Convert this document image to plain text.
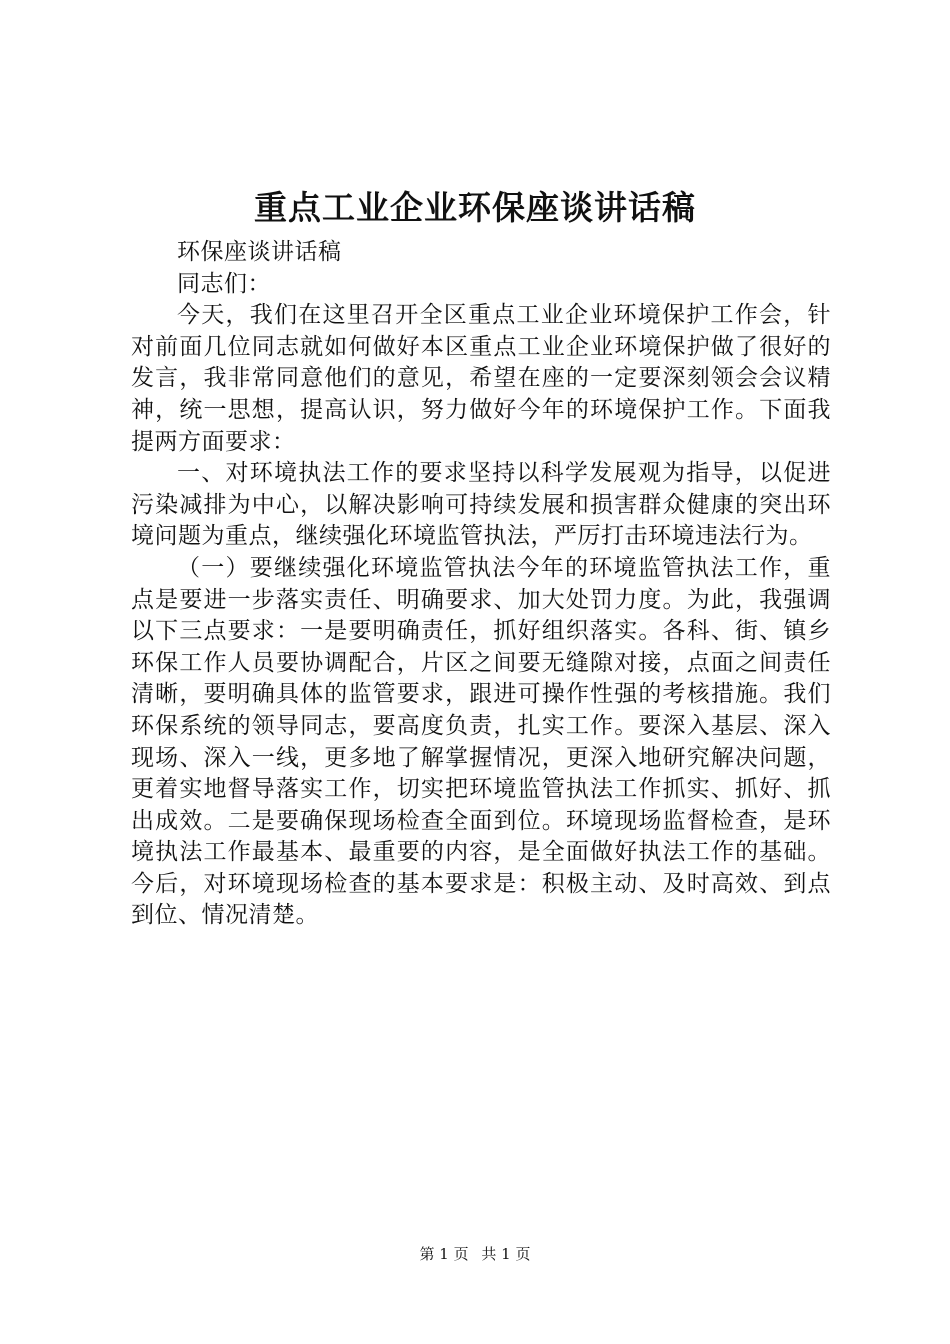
重点工业企业环保座谈讲话稿

环保座谈讲话稿

同志们：

今天，我们在这里召开全区重点工业企业环境保护工作会，针对前面几位同志就如何做好本区重点工业企业环境保护做了很好的发言，我非常同意他们的意见，希望在座的一定要深刻领会会议精神，统一思想，提高认识，努力做好今年的环境保护工作。下面我提两方面要求：

一、对环境执法工作的要求坚持以科学发展观为指导，以促进污染减排为中心，以解决影响可持续发展和损害群众健康的突出环境问题为重点，继续强化环境监管执法，严厉打击环境违法行为。

（一）要继续强化环境监管执法今年的环境监管执法工作，重点是要进一步落实责任、明确要求、加大处罚力度。为此，我强调以下三点要求：一是要明确责任，抓好组织落实。各科、街、镇乡环保工作人员要协调配合，片区之间要无缝隙对接，点面之间责任清晰，要明确具体的监管要求，跟进可操作性强的考核措施。我们环保系统的领导同志，要高度负责，扎实工作。要深入基层、深入现场、深入一线，更多地了解掌握情况，更深入地研究解决问题，更着实地督导落实工作，切实把环境监管执法工作抓实、抓好、抓出成效。二是要确保现场检查全面到位。环境现场监督检查，是环境执法工作最基本、最重要的内容，是全面做好执法工作的基础。今后，对环境现场检查的基本要求是：积极主动、及时高效、到点到位、情况清楚。

第 1 页 共 1 页
